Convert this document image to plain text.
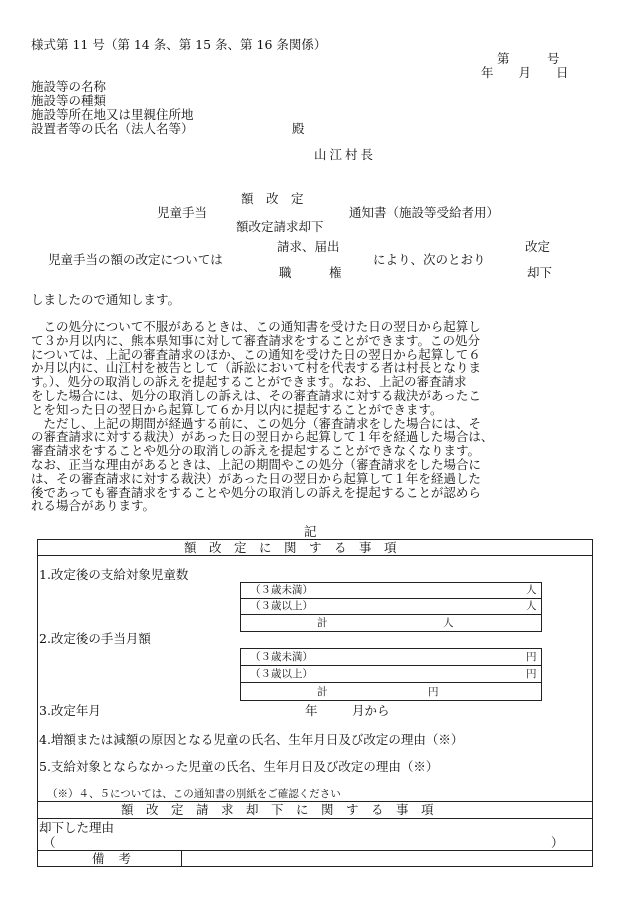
様式第 11 号（第 14 条、第 15 条、第 16 条関係）
第　　　号
年　　月　　日
施設等の名称
施設等の種類
施設等所在地又は里親住所地
設置者等の氏名（法人名等）	殿
山江村長
額　改　定
児童手当	通知書（施設等受給者用）
額改定請求却下
請求、届出	改定
児童手当の額の改定については	により、次のとおり
職　　　権	却下
しましたので通知します。
　この処分について不服があるときは、この通知書を受けた日の翌日から起算し
て３か月以内に、熊本県知事に対して審査請求をすることができます。この処分
については、上記の審査請求のほか、この通知を受けた日の翌日から起算して６
か月以内に、山江村を被告として（訴訟において村を代表する者は村長となりま
す。）、処分の取消しの訴えを提起することができます。なお、上記の審査請求
をした場合には、処分の取消しの訴えは、その審査請求に対する裁決があったこ
とを知った日の翌日から起算して６か月以内に提起することができます。
　ただし、上記の期間が経過する前に、この処分（審査請求をした場合には、そ
の審査請求に対する裁決）があった日の翌日から起算して１年を経過した場合は、
審査請求をすることや処分の取消しの訴えを提起することができなくなります。
なお、正当な理由があるときは、上記の期間やこの処分（審査請求をした場合に
は、その審査請求に対する裁決）があった日の翌日から起算して１年を経過した
後であっても審査請求をすることや処分の取消しの訴えを提起することが認めら
れる場合があります。
記
額　改　定　に　関　す　る　事　項
1.改定後の支給対象児童数
（３歳未満）	人
（３歳以上）	人
計	人
2.改定後の手当月額
（３歳未満）	円
（３歳以上）	円
計	円
3.改定年月	年	月から
4.増額または減額の原因となる児童の氏名、生年月日及び改定の理由（※）
5.支給対象とならなかった児童の氏名、生年月日及び改定の理由（※）
（※）４、５については、この通知書の別紙をご確認ください
額　改　定　請　求　却　下　に　関　す　る　事　項
却下した理由
（	）
備考
